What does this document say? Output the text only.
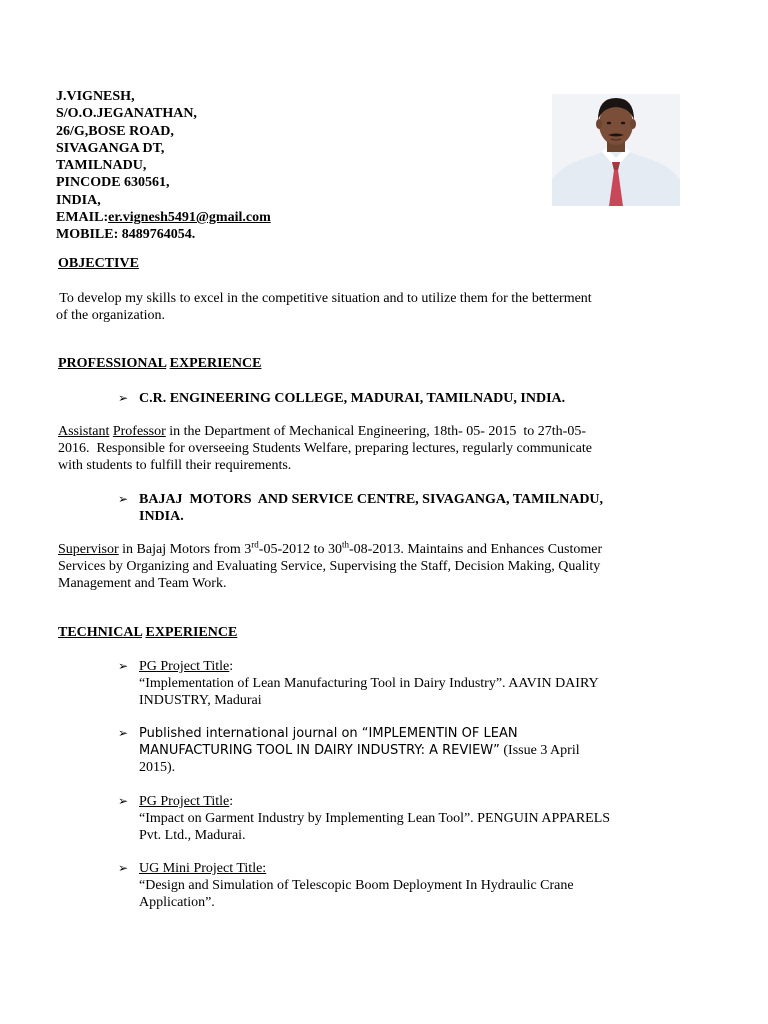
J.VIGNESH,
S/O.O.JEGANATHAN,
26/G,BOSE ROAD,
SIVAGANGA DT,
TAMILNADU,
PINCODE 630561,
INDIA,
EMAIL:er.vignesh5491@gmail.com
MOBILE: 8489764054.
OBJECTIVE
To develop my skills to excel in the competitive situation and to utilize them for the betterment
of the organization.
PROFESSIONAL EXPERIENCE
➢ C.R. ENGINEERING COLLEGE, MADURAI, TAMILNADU, INDIA.
Assistant Professor in the Department of Mechanical Engineering, 18th- 05- 2015  to 27th-05-
2016.  Responsible for overseeing Students Welfare, preparing lectures, regularly communicate
with students to fulfill their requirements.
➢ BAJAJ  MOTORS  AND SERVICE CENTRE, SIVAGANGA, TAMILNADU,
INDIA.
Supervisor in Bajaj Motors from 3rd-05-2012 to 30th-08-2013. Maintains and Enhances Customer
Services by Organizing and Evaluating Service, Supervising the Staff, Decision Making, Quality
Management and Team Work.
TECHNICAL EXPERIENCE
➢ PG Project Title:
“Implementation of Lean Manufacturing Tool in Dairy Industry”. AAVIN DAIRY
INDUSTRY, Madurai
➢ Published international journal on “IMPLEMENTIN OF LEAN
MANUFACTURING TOOL IN DAIRY INDUSTRY: A REVIEW” (Issue 3 April
2015).
➢ PG Project Title:
“Impact on Garment Industry by Implementing Lean Tool”. PENGUIN APPARELS
Pvt. Ltd., Madurai.
➢ UG Mini Project Title:
“Design and Simulation of Telescopic Boom Deployment In Hydraulic Crane
Application”.
